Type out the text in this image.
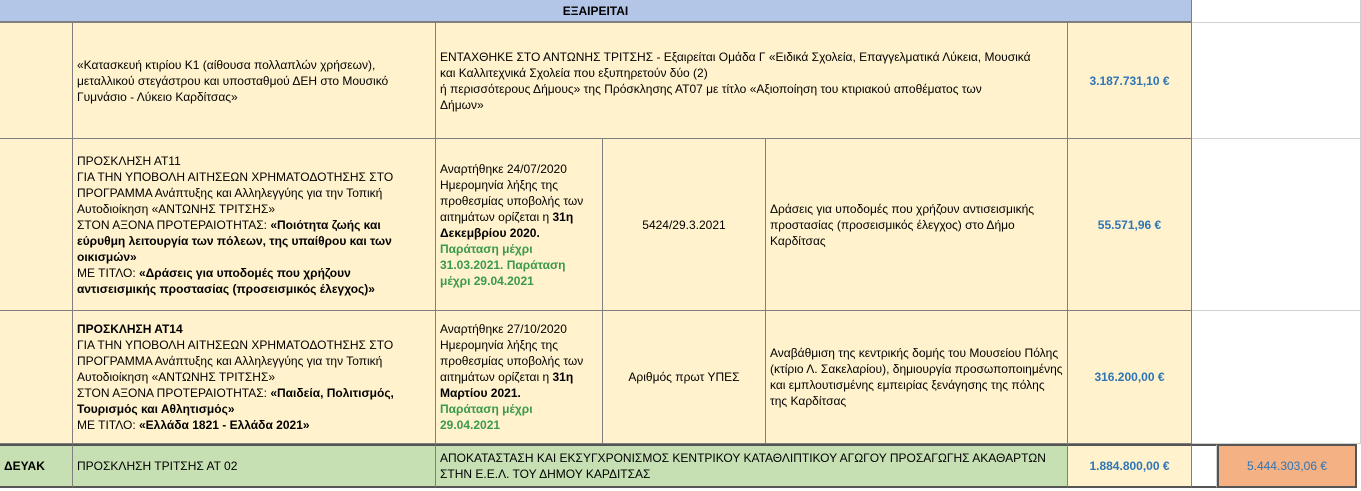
ΕΞΑΙΡΕΙΤΑΙ
«Κατασκευή κτιρίου Κ1 (αίθουσα πολλαπλών χρήσεων), μεταλλικού στεγάστρου και υποσταθμού ΔΕΗ στο Μουσικό Γυμνάσιο - Λύκειο Καρδίτσας»
ΕΝΤΑΧΘΗΚΕ ΣΤΟ ΑΝΤΩΝΗΣ ΤΡΙΤΣΗΣ - Εξαιρείται Ομάδα Γ «Ειδικά Σχολεία, Επαγγελματικά Λύκεια, Μουσικά
και Καλλιτεχνικά Σχολεία που εξυπηρετούν δύο (2)
ή περισσότερους Δήμους» της Πρόσκλησης ΑΤ07 με τίτλο «Αξιοποίηση του κτιριακού αποθέματος των
Δήμων»
3.187.731,10 €
ΠΡΟΣΚΛΗΣΗ ΑΤ11
ΓΙΑ ΤΗΝ ΥΠΟΒΟΛΗ ΑΙΤΗΣΕΩΝ ΧΡΗΜΑΤΟΔΟΤΗΣΗΣ ΣΤΟ
ΠΡΟΓΡΑΜΜΑ Ανάπτυξης και Αλληλεγγύης για την Τοπική
Αυτοδιοίκηση «ΑΝΤΩΝΗΣ ΤΡΙΤΣΗΣ»
ΣΤΟΝ ΑΞΟΝΑ ΠΡΟΤΕΡΑΙΟΤΗΤΑΣ: «Ποιότητα ζωής και
εύρυθμη λειτουργία των πόλεων, της υπαίθρου και των
οικισμών»
ΜΕ ΤΙΤΛΟ: «Δράσεις για υποδομές που χρήζουν
αντισεισμικής προστασίας (προσεισμικός έλεγχος)»
Αναρτήθηκε 24/07/2020
Ημερομηνία λήξης της
προθεσμίας υποβολής των
αιτημάτων ορίζεται η 31η
Δεκεμβρίου 2020.
Παράταση μέχρι
31.03.2021. Παράταση
μέχρι 29.04.2021
5424/29.3.2021
Δράσεις για υποδομές που χρήζουν αντισεισμικής προστασίας (προσεισμικός έλεγχος) στο Δήμο Καρδίτσας
55.571,96 €
ΠΡΟΣΚΛΗΣΗ ΑΤ14
ΓΙΑ ΤΗΝ ΥΠΟΒΟΛΗ ΑΙΤΗΣΕΩΝ ΧΡΗΜΑΤΟΔΟΤΗΣΗΣ ΣΤΟ
ΠΡΟΓΡΑΜΜΑ Ανάπτυξης και Αλληλεγγύης για την Τοπική
Αυτοδιοίκηση «ΑΝΤΩΝΗΣ ΤΡΙΤΣΗΣ»
ΣΤΟΝ ΑΞΟΝΑ ΠΡΟΤΕΡΑΙΟΤΗΤΑΣ: «Παιδεία, Πολιτισμός,
Τουρισμός και Αθλητισμός»
ΜΕ ΤΙΤΛΟ: «Ελλάδα 1821 - Ελλάδα 2021»
Αναρτήθηκε 27/10/2020
Ημερομηνία λήξης της
προθεσμίας υποβολής των
αιτημάτων ορίζεται η 31η
Μαρτίου 2021.
Παράταση μέχρι
29.04.2021
Αριθμός πρωτ ΥΠΕΣ
Αναβάθμιση της κεντρικής δομής του Μουσείου Πόλης (κτίριο Λ. Σακελαρίου), δημιουργία προσωποποιημένης και εμπλουτισμένης εμπειρίας ξενάγησης της πόλης της Καρδίτσας
316.200,00 €
ΔΕΥΑΚ	ΠΡΟΣΚΛΗΣΗ ΤΡΙΤΣΗΣ ΑΤ 02
ΑΠΟΚΑΤΑΣΤΑΣΗ ΚΑΙ ΕΚΣΥΓΧΡΟΝΙΣΜΟΣ ΚΕΝΤΡΙΚΟΥ ΚΑΤΑΘΛΙΠΤΙΚΟΥ ΑΓΩΓΟΥ ΠΡΟΣΑΓΩΓΗΣ ΑΚΑΘΑΡΤΩΝ ΣΤΗΝ Ε.Ε.Λ. ΤΟΥ ΔΗΜΟΥ ΚΑΡΔΙΤΣΑΣ
1.884.800,00 €	5.444.303,06 €
